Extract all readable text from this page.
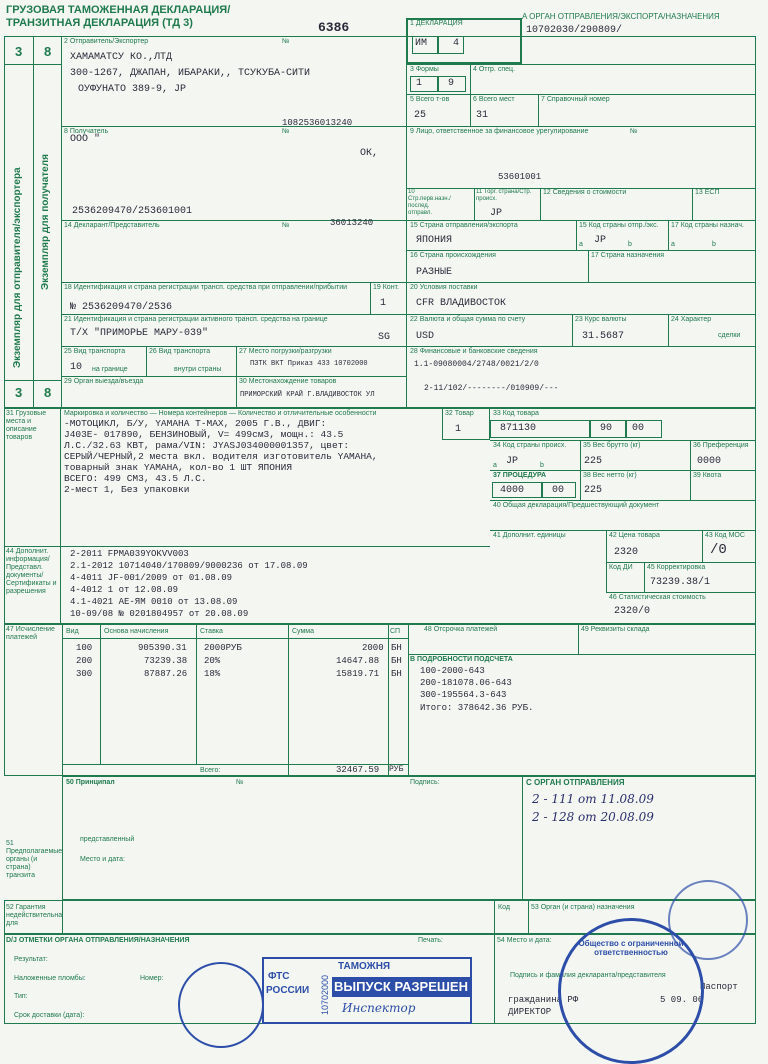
ГРУЗОВАЯ ТАМОЖЕННАЯ ДЕКЛАРАЦИЯ/
ТРАНЗИТНАЯ ДЕКЛАРАЦИЯ (ТД 3)	6386
A ОРГАН ОТПРАВЛЕНИЯ/ЭКСПОРТА/НАЗНАЧЕНИЯ
10702030/290809/
3 8
3 8
Экземпляр для отправителя/экспортера Экземпляр для получателя
2 Отправитель/Экспортер	№
ХАМАМАТСУ КО.,ЛТД
300-1267, ДЖАПАН, ИБАРАКИ,, ТСУКУБА-СИТИ
ОУФУНАТО 389-9, JP
1082536013240
1 ДЕКЛАРАЦИЯ
ИМ	4
3 Формы
1	9
4 Отгр. спец.
5 Всего т-ов
25
6 Всего мест
31
7 Справочный номер
8 Получатель	№
ООО "
ОК,
2536209470/253601001
9 Лицо, ответственное за финансовое урегулирование	№
53601001
10 Стр.перв.назн./послед. отправл.
11 Торг. страна/Стр. происх.
JP
12 Сведения о стоимости	13 ЕСП
14 Декларант/Представитель	№	36013240	15 Страна отправления/экспорта
ЯПОНИЯ
15 Код страны отпр./экс.
a JP	b
17 Код страны назнач.
a	b
16 Страна происхождения
РАЗНЫЕ
17 Страна назначения
18 Идентификация и страна регистрации трансп. средства при отправлении/прибытии
№ 2536209470/2536
19 Конт.
1
20 Условия поставки
CFR ВЛАДИВОСТОК
21 Идентификация и страна регистрации активного трансп. средства на границе
Т/Х "ПРИМОРЬЕ МАРУ-039"	SG
22 Валюта и общая сумма по счету
USD
23 Курс валюты
31.5687
24 Характер
сделки
25 Вид транспорта
10 на границе
26 Вид транспорта
внутри страны
27 Место погрузки/разгрузки
ПЗТК ВКТ Приказ 433 10702000
28 Финансовые и банковские сведения
1.1-09080004/2748/0021/2/0
2-11/102/--------/010909/---
29 Орган выезда/въезда	30 Местонахождение товаров
ПРИМОРСКИЙ КРАЙ Г.ВЛАДИВОСТОК УЛ
31 Грузовые места и описание товаров
Маркировка и количество — Номера контейнеров — Количество и отличительные особенности
-МОТОЦИКЛ, Б/У, YAMAHA T-MAX, 2005 Г.В., ДВИГ:
J403E- 017890, БЕНЗИНОВЫЙ, V= 499см3, мощн.: 43.5
Л.С./32.63 КВТ, рама/VIN: JYASJ034000001357, цвет:
СЕРЫЙ/ЧЕРНЫЙ,2 места вкл. водителя изготовитель YAMAHA,
товарный знак YAMAHA, кол-во 1 ШТ ЯПОНИЯ
ВСЕГО: 499 СМ3, 43.5 Л.С.
2-мест 1, Без упаковки
32 Товар
1
33 Код товара
871130	90 00
34 Код страны происх.
a JP	b
35 Вес брутто (кг)
225
36 Преференция
0000
37 ПРОЦЕДУРА
4000	00
38 Вес нетто (кг)
225
39 Квота
40 Общая декларация/Предшествующий документ
41 Дополнит. единицы	42 Цена товара
2320
43 Код МОС
/0
44 Дополнит. информация/ Представл. документы/ Сертификаты и разрешения
2-2011 FPMA039YOKVV003
2.1-2012 10714040/170809/9000236 от 17.08.09
4-4011 JF-001/2009 от 01.08.09
4-4012 1 от 12.08.09
4.1-4021 АЕ-ЯМ 0010 от 13.08.09
10-09/08 № 0201804957 от 20.08.09
Код ДИ 45 Корректировка
73239.38/1
46 Статистическая стоимость
2320/0
47 Исчисление платежей
Вид	Основа начисления	Ставка	Сумма	СП
100	905390.31 2000РУБ	2000 БН
200	73239.38 20%	14647.88 БН
300	87887.26 18%	15819.71 БН
Всего:	32467.59 РУБ
48 Отсрочка платежей	49 Реквизиты склада
B ПОДРОБНОСТИ ПОДСЧЕТА
100-2000-643
200-181078.06-643
300-195564.3-643
Итого: 378642.36 РУБ.
50 Принципал	№	Подпись:
представленный
Место и дата:
C ОРГАН ОТПРАВЛЕНИЯ
2 - 111 от 11.08.09
2 - 128 от 20.08.09
51 Предполагаемые органы (и страна) транзита
52 Гарантия недействительна для
Код	53 Орган (и страна) назначения
D/J ОТМЕТКИ ОРГАНА ОТПРАВЛЕНИЯ/НАЗНАЧЕНИЯ	Печать:
Результат:
Наложенные пломбы:	Номер:
Тип:
Срок доставки (дата):
54 Место и дата:
Подпись и фамилия декларанта/представителя
Паспорт
гражданина РФ	5 09. 06
ДИРЕКТОР
ФТС
РОССИИ
ТАМОЖНЯ
10702000 ВЫПУСК РАЗРЕШЕН
Инспектор
Общество с ограниченной ответственностью
